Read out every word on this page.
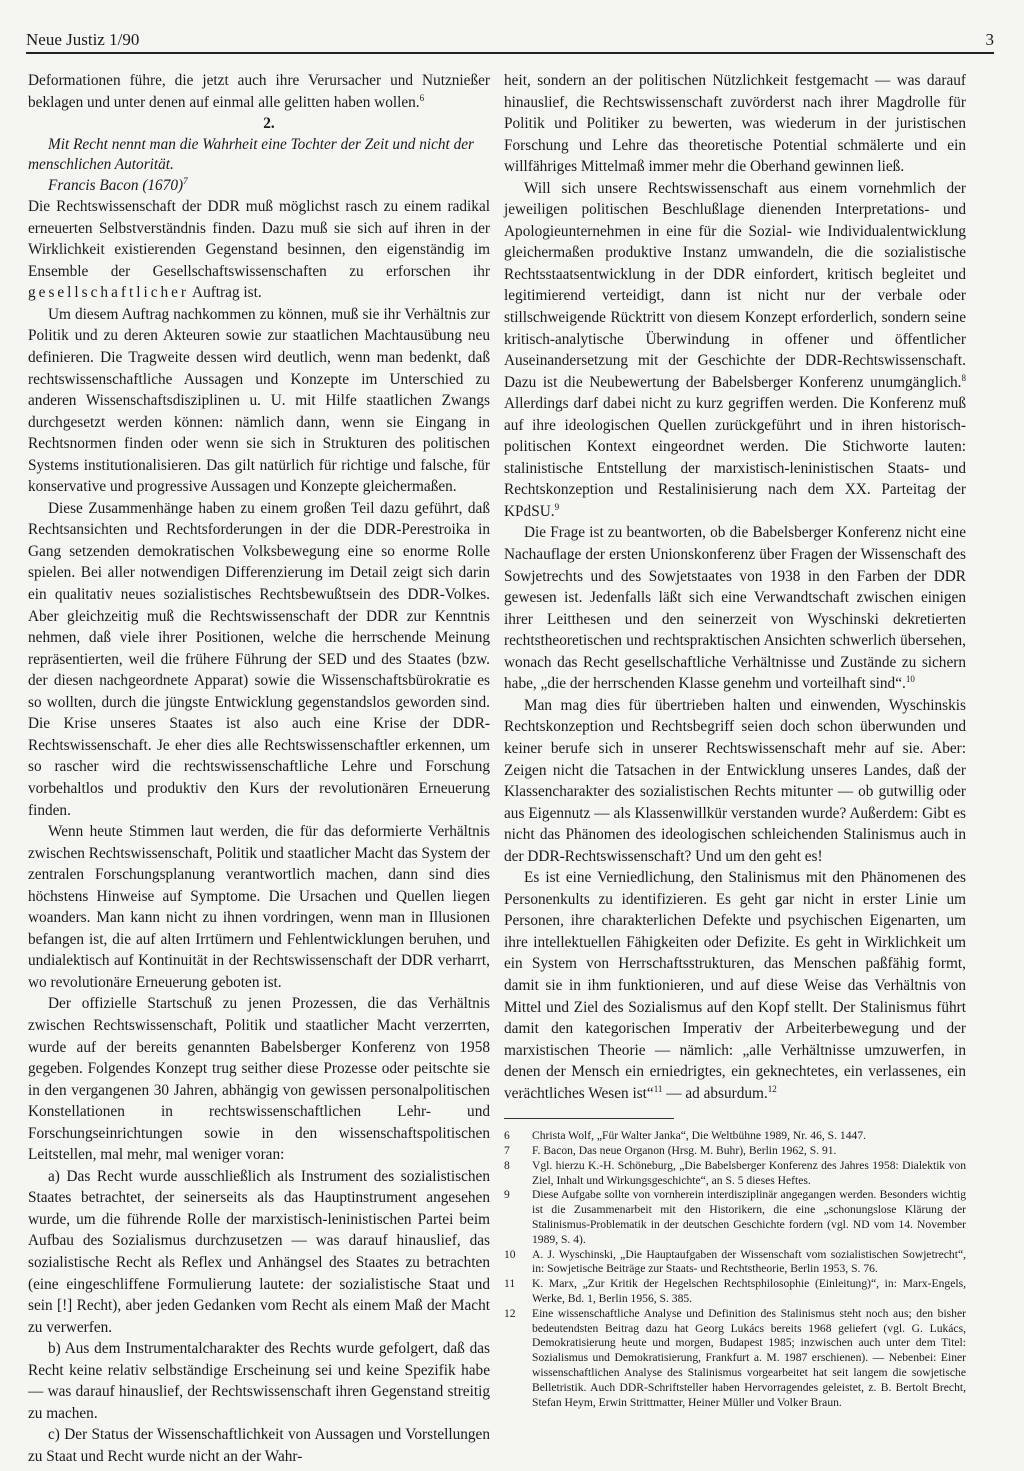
Neue Justiz 1/90	3

Deformationen führe, die jetzt auch ihre Verursacher und Nutznießer beklagen und unter denen auf einmal alle gelitten haben wollen.$^6$

2.

Mit Recht nennt man die Wahrheit eine Tochter der Zeit und nicht der menschlichen Autorität.

Francis Bacon $(1670)^7$

Die Rechtswissenschaft der DDR muß möglichst rasch zu einem radikal erneuerten Selbstverständnis finden. Dazu muß sie sich auf ihren in der Wirklichkeit existierenden Gegenstand besinnen, den eigenständig im Ensemble der Gesellschaftswissenschaften zu erforschen ihr gesellschaftlicher Auftrag ist.

Um diesem Auftrag nachkommen zu können, muß sie ihr Verhältnis zur Politik und zu deren Akteuren sowie zur staatlichen Machtausübung neu definieren. Die Tragweite dessen wird deutlich, wenn man bedenkt, daß rechtswissenschaftliche Aussagen und Konzepte im Unterschied zu anderen Wissenschaftsdisziplinen u. U. mit Hilfe staatlichen Zwangs durchgesetzt werden können: nämlich dann, wenn sie Eingang in Rechtsnormen finden oder wenn sie sich in Strukturen des politischen Systems institutionalisieren. Das gilt natürlich für richtige und falsche, für konservative und progressive Aussagen und Konzepte gleichermaßen.

Diese Zusammenhänge haben zu einem großen Teil dazu geführt, daß Rechtsansichten und Rechtsforderungen in der die DDR-Perestroika in Gang setzenden demokratischen Volksbewegung eine so enorme Rolle spielen. Bei aller notwendigen Differenzierung im Detail zeigt sich darin ein qualitativ neues sozialistisches Rechtsbewußtsein des DDR-Volkes. Aber gleichzeitig muß die Rechtswissenschaft der DDR zur Kenntnis nehmen, daß viele ihrer Positionen, welche die herrschende Meinung repräsentierten, weil die frühere Führung der SED und des Staates (bzw. der diesen nachgeordnete Apparat) sowie die Wissenschaftsbürokratie es so wollten, durch die jüngste Entwicklung gegenstandslos geworden sind. Die Krise unseres Staates ist also auch eine Krise der DDR-Rechtswissenschaft. Je eher dies alle Rechtswissenschaftler erkennen, um so rascher wird die rechtswissenschaftliche Lehre und Forschung vorbehaltlos und produktiv den Kurs der revolutionären Erneuerung finden.

Wenn heute Stimmen laut werden, die für das deformierte Verhältnis zwischen Rechtswissenschaft, Politik und staatlicher Macht das System der zentralen Forschungsplanung verantwortlich machen, dann sind dies höchstens Hinweise auf Symptome. Die Ursachen und Quellen liegen woanders. Man kann nicht zu ihnen vordringen, wenn man in Illusionen befangen ist, die auf alten Irrtümern und Fehlentwicklungen beruhen, und undialektisch auf Kontinuität in der Rechtswissenschaft der DDR verharrt, wo revolutionäre Erneuerung geboten ist.

Der offizielle Startschuß zu jenen Prozessen, die das Verhältnis zwischen Rechtswissenschaft, Politik und staatlicher Macht verzerrten, wurde auf der bereits genannten Babelsberger Konferenz von 1958 gegeben. Folgendes Konzept trug seither diese Prozesse oder peitschte sie in den vergangenen 30 Jahren, abhängig von gewissen personalpolitischen Konstellationen in rechtswissenschaftlichen Lehr- und Forschungseinrichtungen sowie in den wissenschaftspolitischen Leitstellen, mal mehr, mal weniger voran:

a) Das Recht wurde ausschließlich als Instrument des sozialistischen Staates betrachtet, der seinerseits als das Hauptinstrument angesehen wurde, um die führende Rolle der marxistisch-leninistischen Partei beim Aufbau des Sozialismus durchzusetzen — was darauf hinauslief, das sozialistische Recht als Reflex und Anhängsel des Staates zu betrachten (eine eingeschliffene Formulierung lautete: der sozialistische Staat und sein [!] Recht), aber jeden Gedanken vom Recht als einem Maß der Macht zu verwerfen.

b) Aus dem Instrumentalcharakter des Rechts wurde gefolgert, daß das Recht keine relativ selbständige Erscheinung sei und keine Spezifik habe — was darauf hinauslief, der Rechtswissenschaft ihren Gegenstand streitig zu machen.

c) Der Status der Wissenschaftlichkeit von Aussagen und Vorstellungen zu Staat und Recht wurde nicht an der Wahr-

heit, sondern an der politischen Nützlichkeit festgemacht — was darauf hinauslief, die Rechtswissenschaft zuvörderst nach ihrer Magdrolle für Politik und Politiker zu bewerten, was wiederum in der juristischen Forschung und Lehre das theoretische Potential schmälerte und ein willfähriges Mittelmaß immer mehr die Oberhand gewinnen ließ.

Will sich unsere Rechtswissenschaft aus einem vornehmlich der jeweiligen politischen Beschlußlage dienenden Interpretations- und Apologieunternehmen in eine für die Sozial- wie Individualentwicklung gleichermaßen produktive Instanz umwandeln, die die sozialistische Rechtsstaatsentwicklung in der DDR einfordert, kritisch begleitet und legitimierend verteidigt, dann ist nicht nur der verbale oder stillschweigende Rücktritt von diesem Konzept erforderlich, sondern seine kritisch-analytische Überwindung in offener und öffentlicher Auseinandersetzung mit der Geschichte der DDR-Rechtswissenschaft. Dazu ist die Neubewertung der Babelsberger Konferenz unumgänglich.$^8$ Allerdings darf dabei nicht zu kurz gegriffen werden. Die Konferenz muß auf ihre ideologischen Quellen zurückgeführt und in ihren historisch-politischen Kontext eingeordnet werden. Die Stichworte lauten: stalinistische Entstellung der marxistisch-leninistischen Staats- und Rechtskonzeption und Restalinisierung nach dem XX. Parteitag der KPdSU.$^9$

Die Frage ist zu beantworten, ob die Babelsberger Konferenz nicht eine Nachauflage der ersten Unionskonferenz über Fragen der Wissenschaft des Sowjetrechts und des Sowjetstaates von 1938 in den Farben der DDR gewesen ist. Jedenfalls läßt sich eine Verwandtschaft zwischen einigen ihrer Leitthesen und den seinerzeit von Wyschinski dekretierten rechtstheoretischen und rechtspraktischen Ansichten schwerlich übersehen, wonach das Recht gesellschaftliche Verhältnisse und Zustände zu sichern habe, „die der herrschenden Klasse genehm und vorteilhaft sind“.$^{10}$

Man mag dies für übertrieben halten und einwenden, Wyschinskis Rechtskonzeption und Rechtsbegriff seien doch schon überwunden und keiner berufe sich in unserer Rechtswissenschaft mehr auf sie. Aber: Zeigen nicht die Tatsachen in der Entwicklung unseres Landes, daß der Klassencharakter des sozialistischen Rechts mitunter — ob gutwillig oder aus Eigennutz — als Klassenwillkür verstanden wurde? Außerdem: Gibt es nicht das Phänomen des ideologischen schleichenden Stalinismus auch in der DDR-Rechtswissenschaft? Und um den geht es!

Es ist eine Verniedlichung, den Stalinismus mit den Phänomenen des Personenkults zu identifizieren. Es geht gar nicht in erster Linie um Personen, ihre charakterlichen Defekte und psychischen Eigenarten, um ihre intellektuellen Fähigkeiten oder Defizite. Es geht in Wirklichkeit um ein System von Herrschaftsstrukturen, das Menschen paßfähig formt, damit sie in ihm funktionieren, und auf diese Weise das Verhältnis von Mittel und Ziel des Sozialismus auf den Kopf stellt. Der Stalinismus führt damit den kategorischen Imperativ der Arbeiterbewegung und der marxistischen Theorie — nämlich: „alle Verhältnisse umzuwerfen, in denen der Mensch ein erniedrigtes, ein geknechtetes, ein verlassenes, ein verächtliches Wesen ist“$^{11}$ — ad absurdum.$^{12}$

6	Christa Wolf, „Für Walter Janka“, Die Weltbühne 1989, Nr. 46, S. 1447.
7	F. Bacon, Das neue Organon (Hrsg. M. Buhr), Berlin 1962, S. 91.
8	Vgl. hierzu K.-H. Schöneburg, „Die Babelsberger Konferenz des Jahres 1958: Dialektik von Ziel, Inhalt und Wirkungsgeschichte“, an S. 5 dieses Heftes.
9	Diese Aufgabe sollte von vornherein interdisziplinär angegangen werden. Besonders wichtig ist die Zusammenarbeit mit den Historikern, die eine „schonungslose Klärung der Stalinismus-Problematik in der deutschen Geschichte fordern (vgl. ND vom 14. November 1989, S. 4).
10	A. J. Wyschinski, „Die Hauptaufgaben der Wissenschaft vom sozialistischen Sowjetrecht“, in: Sowjetische Beiträge zur Staats- und Rechtstheorie, Berlin 1953, S. 76.
11	K. Marx, „Zur Kritik der Hegelschen Rechtsphilosophie (Einleitung)“, in: Marx-Engels, Werke, Bd. 1, Berlin 1956, S. 385.
12	Eine wissenschaftliche Analyse und Definition des Stalinismus steht noch aus; den bisher bedeutendsten Beitrag dazu hat Georg Lukács bereits 1968 geliefert (vgl. G. Lukács, Demokratisierung heute und morgen, Budapest 1985; inzwischen auch unter dem Titel: Sozialismus und Demokratisierung, Frankfurt a. M. 1987 erschienen). — Nebenbei: Einer wissenschaftlichen Analyse des Stalinismus vorgearbeitet hat seit langem die sowjetische Belletristik. Auch DDR-Schriftsteller haben Hervorragendes geleistet, z. B. Bertolt Brecht, Stefan Heym, Erwin Strittmatter, Heiner Müller und Volker Braun.
